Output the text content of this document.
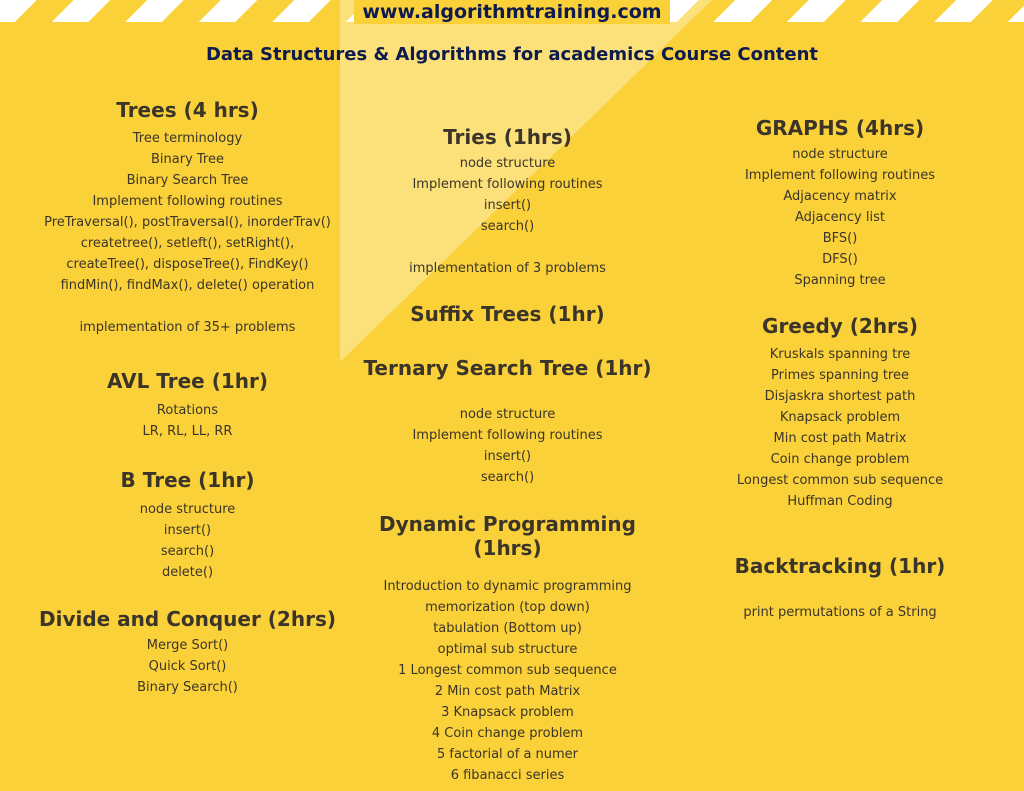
www.algorithmtraining.com
Data Structures & Algorithms for academics Course Content
Trees (4 hrs)
Tree terminology
Binary Tree
Binary Search Tree
Implement following routines
PreTraversal(), postTraversal(), inorderTrav()
createtree(), setleft(), setRight(),
createTree(), disposeTree(), FindKey()
findMin(), findMax(), delete() operation

implementation of 35+ problems
AVL Tree (1hr)
Rotations
LR, RL, LL, RR
B Tree (1hr)
node structure
insert()
search()
delete()
Divide and Conquer (2hrs)
Merge Sort()
Quick Sort()
Binary Search()
Tries (1hrs)
node structure
Implement following routines
insert()
search()

implementation of 3 problems
Suffix Trees (1hr)
Ternary Search Tree (1hr)
node structure
Implement following routines
insert()
search()
Dynamic Programming (1hrs)
Introduction to dynamic programming
memorization (top down)
tabulation (Bottom up)
optimal sub structure
1 Longest common sub sequence
2 Min cost path Matrix
3 Knapsack problem
4 Coin change problem
5 factorial of a numer
6 fibanacci series
GRAPHS (4hrs)
node structure
Implement following routines
Adjacency matrix
Adjacency list
BFS()
DFS()
Spanning tree
Greedy (2hrs)
Kruskals spanning tre
Primes spanning tree
Disjaskra shortest path
Knapsack problem
Min cost path Matrix
Coin change problem
Longest common sub sequence
Huffman Coding
Backtracking (1hr)
print permutations of a String
